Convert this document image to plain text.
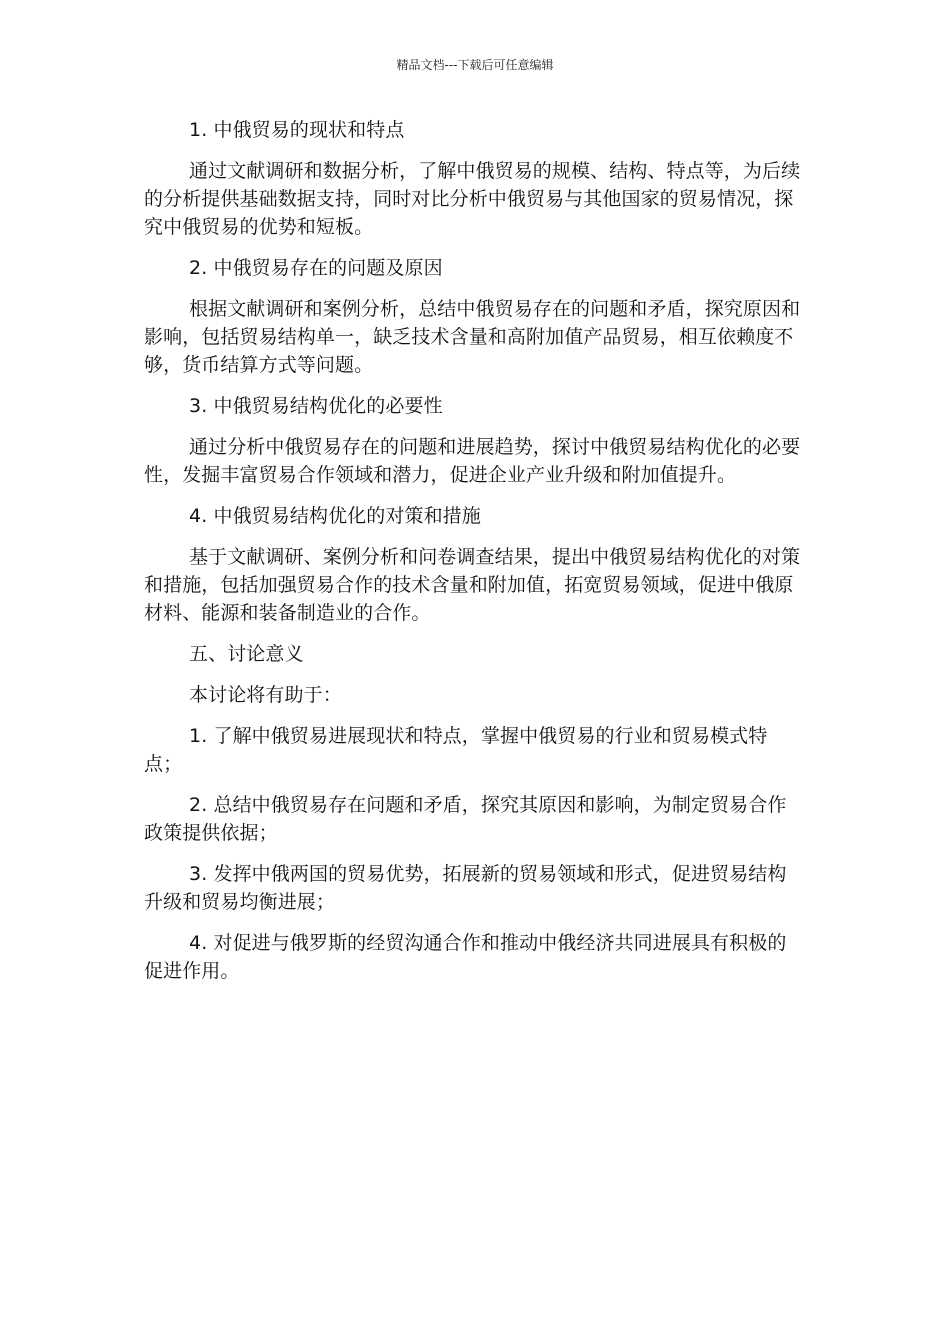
精品文档---下载后可任意编辑

1. 中俄贸易的现状和特点

通过文献调研和数据分析，了解中俄贸易的规模、结构、特点等，为后续的分析提供基础数据支持，同时对比分析中俄贸易与其他国家的贸易情况，探究中俄贸易的优势和短板。

2. 中俄贸易存在的问题及原因

根据文献调研和案例分析，总结中俄贸易存在的问题和矛盾，探究原因和影响，包括贸易结构单一，缺乏技术含量和高附加值产品贸易，相互依赖度不够，货币结算方式等问题。

3. 中俄贸易结构优化的必要性

通过分析中俄贸易存在的问题和进展趋势，探讨中俄贸易结构优化的必要性，发掘丰富贸易合作领域和潜力，促进企业产业升级和附加值提升。

4. 中俄贸易结构优化的对策和措施

基于文献调研、案例分析和问卷调查结果，提出中俄贸易结构优化的对策和措施，包括加强贸易合作的技术含量和附加值，拓宽贸易领域，促进中俄原材料、能源和装备制造业的合作。

五、讨论意义

本讨论将有助于：

1. 了解中俄贸易进展现状和特点，掌握中俄贸易的行业和贸易模式特点；

2. 总结中俄贸易存在问题和矛盾，探究其原因和影响，为制定贸易合作政策提供依据；

3. 发挥中俄两国的贸易优势，拓展新的贸易领域和形式，促进贸易结构升级和贸易均衡进展；

4. 对促进与俄罗斯的经贸沟通合作和推动中俄经济共同进展具有积极的促进作用。
